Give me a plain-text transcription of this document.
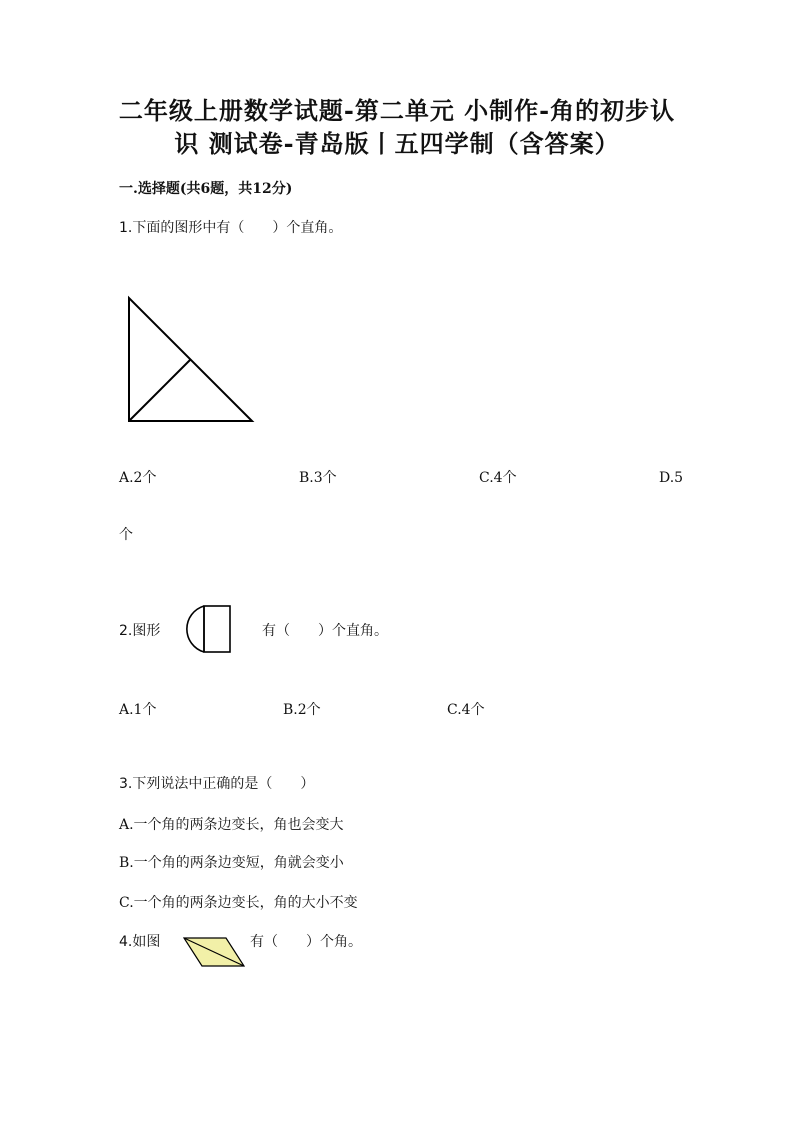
二年级上册数学试题-第二单元 小制作-角的初步认
识 测试卷-青岛版丨五四学制（含答案）
一.选择题(共6题，共12分)
1.下面的图形中有（　　）个直角。
A.2个	B.3个	C.4个	D.5
个
2.图形	有（　　）个直角。
A.1个	B.2个	C.4个
3.下列说法中正确的是（　　）
A.一个角的两条边变长，角也会变大
B.一个角的两条边变短，角就会变小
C.一个角的两条边变长，角的大小不变
4.如图	有（　　）个角。
